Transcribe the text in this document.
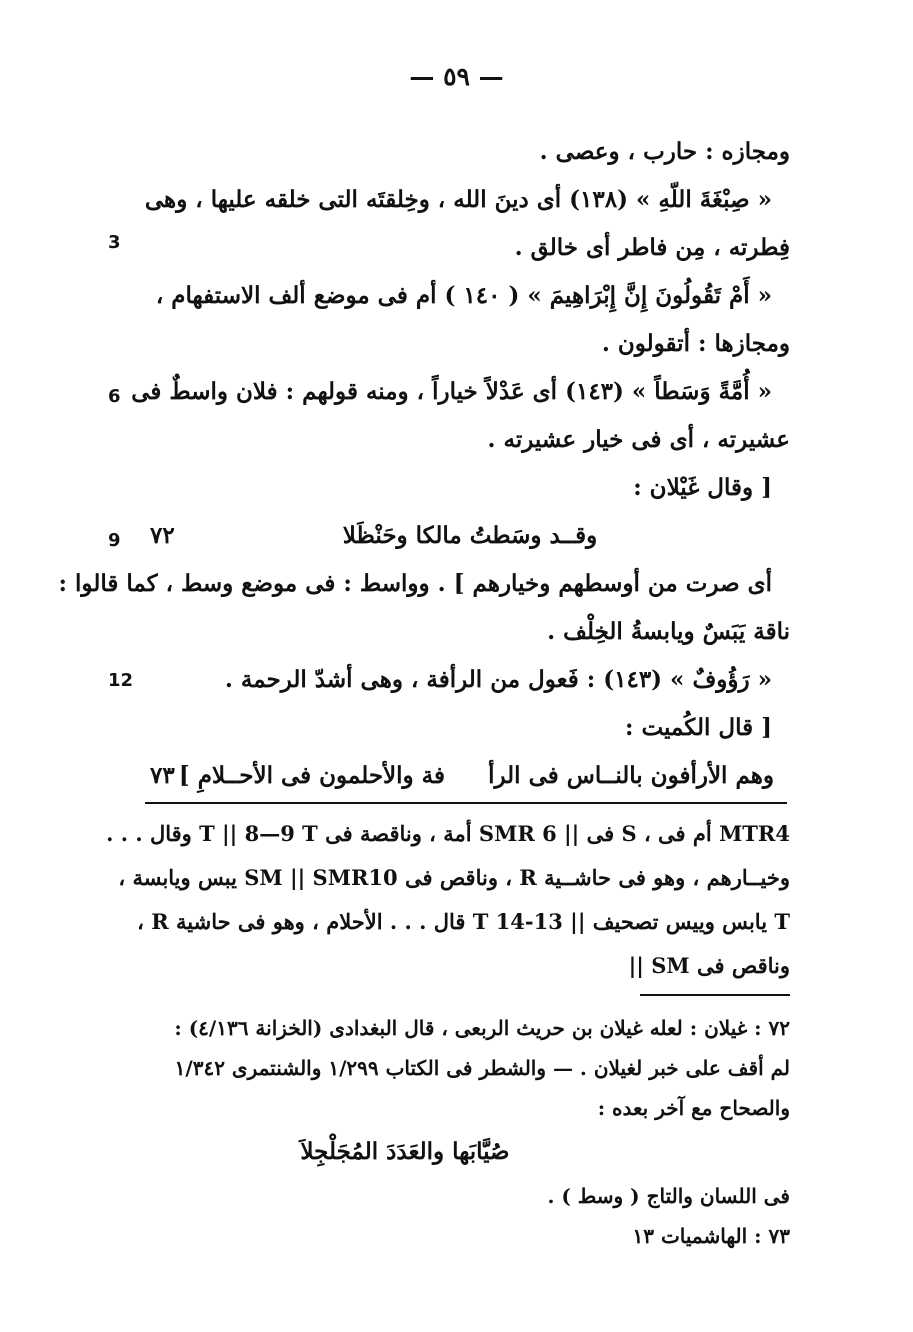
— ٥٩ —
ومجازه : حارب ، وعصى .
« صِبْغَةَ اللّهِ » (١٣٨) أى دينَ الله ، وخِلقتَه التى خلقه عليها ، وهى
فِطرته ، مِن فاطر أى خالق .
« أَمْ تَقُولُونَ إِنَّ إِبْرَاهِيمَ » ( ١٤٠ ) أم فى موضع ألف الاستفهام ،
ومجازها : أتقولون .
« أُمَّةً وَسَطاً » (١٤٣) أى عَدْلاً خياراً ، ومنه قولهم : فلان واسطٌ فى
عشيرته ، أى فى خيار عشيرته .
[ وقال غَيْلان :
وقــد وسَطتُ مالكا وحَنْظَلا
٧٢
أى صرت من أوسطهم وخيارهم ] . وواسط : فى موضع وسط ، كما قالوا :
ناقة يَبَسٌ ويابسةُ الخِلْف .
« رَؤُوفٌ » (١٤٣) : فَعول من الرأفة ، وهى أشدّ الرحمة .
[ قال الكُميت :
وهم الأرأفون بالنــاس فى الرأ
فة والأحلمون فى الأحــلامِ ]
٧٣
3
6
9
12
MTR4 أم فى ، S فى || SMR 6 أمة ، وناقصة فى T || 8—9 T وقال . . .
وخيــارهم ، وهو فى حاشــية R ، وناقص فى SM || SMR10 يبس ويابسة ،
T يابس وييس تصحيف || 13-14 T قال . . . الأحلام ، وهو فى حاشية R ،
وناقص فى SM ||
٧٢ : غيلان : لعله غيلان بن حريث الربعى ، قال البغدادى (الخزانة ٤/١٣٦) :
لم أقف على خبر لغيلان . — والشطر فى الكتاب ١/٢٩٩ والشنتمرى ١/٣٤٢
والصحاح مع آخر بعده :
صُيَّابَها والعَدَدَ المُجَلْجِلاَ
فى اللسان والتاج ( وسط ) .
٧٣ : الهاشميات ١٣
